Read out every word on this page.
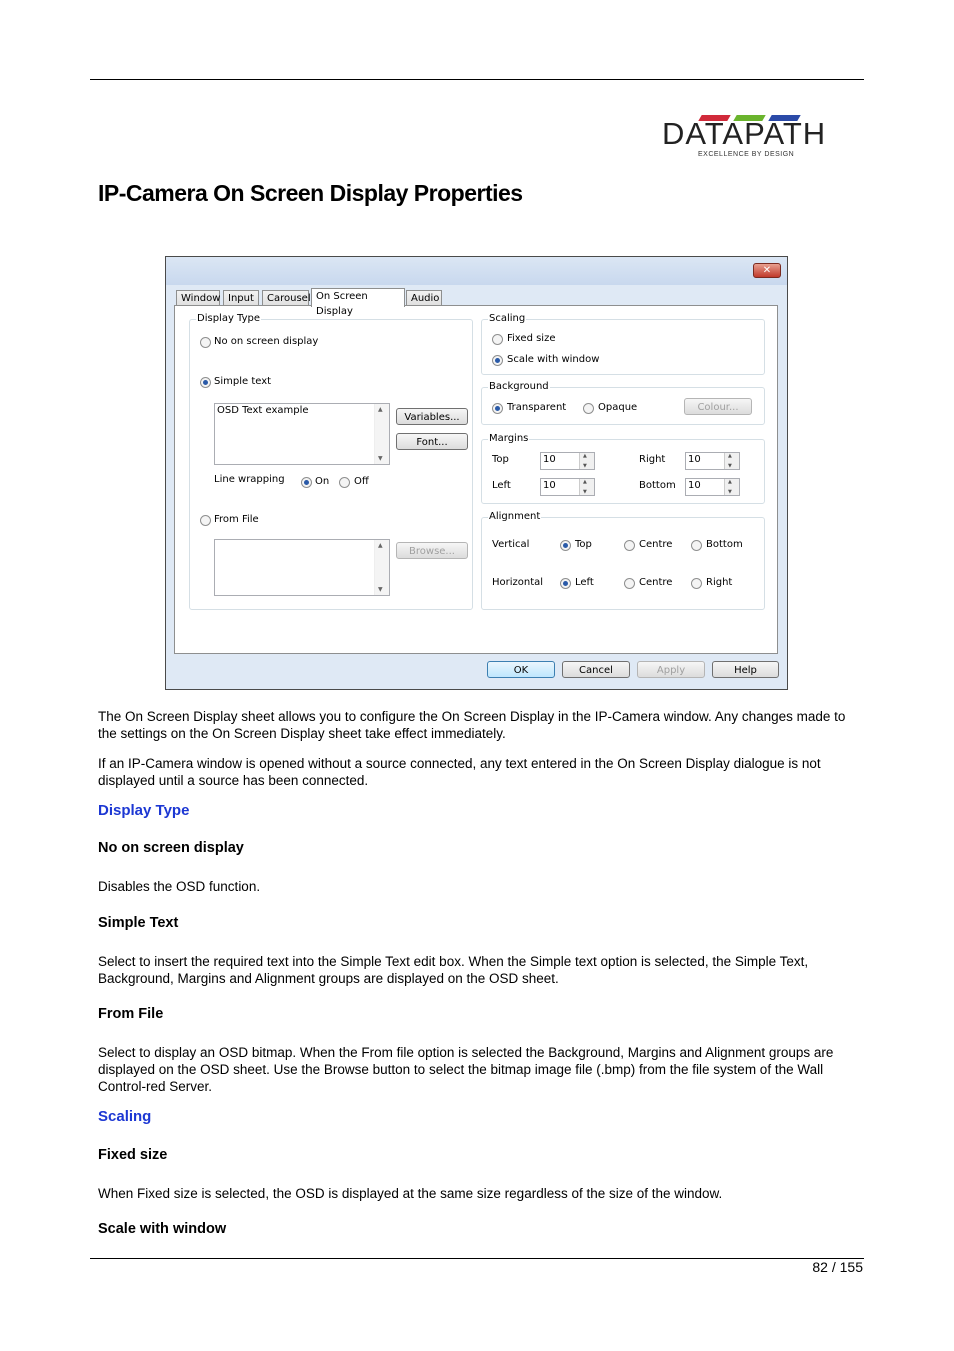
DATAPATH
EXCELLENCE BY DESIGN
IP-Camera On Screen Display Properties
✕
Window Input	Carousel On Screen Display
Audio
Display Type
No on screen display
Simple text
OSD Text example
▲ ▼
Variables...
Font...
Line wrapping	On Off
From File
▲ ▼
Browse...
Scaling
Fixed size
Scale with window
Background
Transparent	Opaque	Colour...
Margins
Top	10 ▲ ▼	Right	10
▲ ▼
Left	10 ▲ ▼	Bottom	10
▲ ▼
Alignment
Vertical	Top	Centre	Bottom
Horizontal	Left	Centre	Right
OK	Cancel	Apply	Help

The On Screen Display sheet allows you to configure the On Screen Display in the IP-Camera window. Any changes made to the settings on the On Screen Display sheet take effect immediately.

If an IP-Camera window is opened without a source connected, any text entered in the On Screen Display dialogue is not displayed until a source has been connected.

Display Type
No on screen display

Disables the OSD function.

Simple Text

Select to insert the required text into the Simple Text edit box. When the Simple text option is selected, the Simple Text, Background, Margins and Alignment groups are displayed on the OSD sheet.

From File

Select to display an OSD bitmap. When the From file option is selected the Background, Margins and Alignment groups are displayed on the OSD sheet. Use the Browse button to select the bitmap image file (.bmp) from the file system of the Wall Control-red Server.

Scaling
Fixed size

When Fixed size is selected, the OSD is displayed at the same size regardless of the size of the window.

Scale with window
82 / 155
